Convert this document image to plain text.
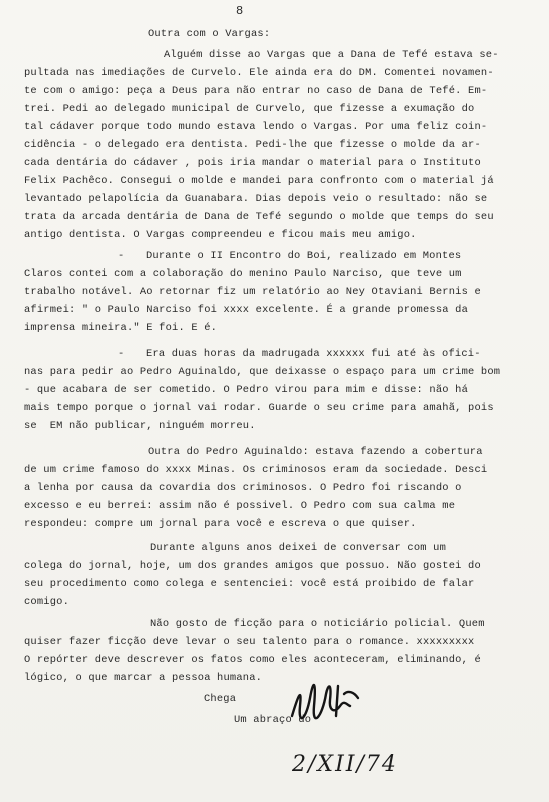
8
Outra com o Vargas:
Alguém disse ao Vargas que a Dana de Tefé estava se-
pultada nas imediações de Curvelo. Ele ainda era do DM. Comentei novamen-
te com o amigo: peça a Deus para não entrar no caso de Dana de Tefé. Em-
trei. Pedi ao delegado municipal de Curvelo, que fizesse a exumação do
tal cádaver porque todo mundo estava lendo o Vargas. Por uma feliz coin-
cidência - o delegado era dentista. Pedi-lhe que fizesse o molde da ar-
cada dentária do cádaver , pois iria mandar o material para o Instituto
Felix Pachêco. Consegui o molde e mandei para confronto com o material já
levantado pelapolícia da Guanabara. Dias depois veio o resultado: não se
trata da arcada dentária de Dana de Tefé segundo o molde que temps do seu
antigo dentista. O Vargas compreendeu e ficou mais meu amigo.
- Durante o II Encontro do Boi, realizado em Montes
Claros contei com a colaboração do menino Paulo Narciso, que teve um
trabalho notável. Ao retornar fiz um relatório ao Ney Otaviani Bernis e
afirmei: " o Paulo Narciso foi xxxx excelente. É a grande promessa da
imprensa mineira." E foi. E é.
- Era duas horas da madrugada xxxxxx fui até às ofici-
nas para pedir ao Pedro Aguinaldo, que deixasse o espaço para um crime bom
- que acabara de ser cometido. O Pedro virou para mim e disse: não há
mais tempo porque o jornal vai rodar. Guarde o seu crime para amahã, pois
se  EM não publicar, ninguém morreu.
Outra do Pedro Aguinaldo: estava fazendo a cobertura
de um crime famoso do xxxx Minas. Os criminosos eram da sociedade. Desci
a lenha por causa da covardia dos criminosos. O Pedro foi riscando o
excesso e eu berrei: assim não é possivel. O Pedro com sua calma me
respondeu: compre um jornal para você e escreva o que quiser.
Durante alguns anos deixei de conversar com um
colega do jornal, hoje, um dos grandes amigos que possuo. Não gostei do
seu procedimento como colega e sentenciei: você está proibido de falar
comigo.
Não gosto de ficção para o noticiário policial. Quem
quiser fazer ficção deve levar o seu talento para o romance. xxxxxxxxx
O repórter deve descrever os fatos como eles aconteceram, eliminando, é
lógico, o que marcar a pessoa humana.
Chega
Um abraço do
2/XII/74
